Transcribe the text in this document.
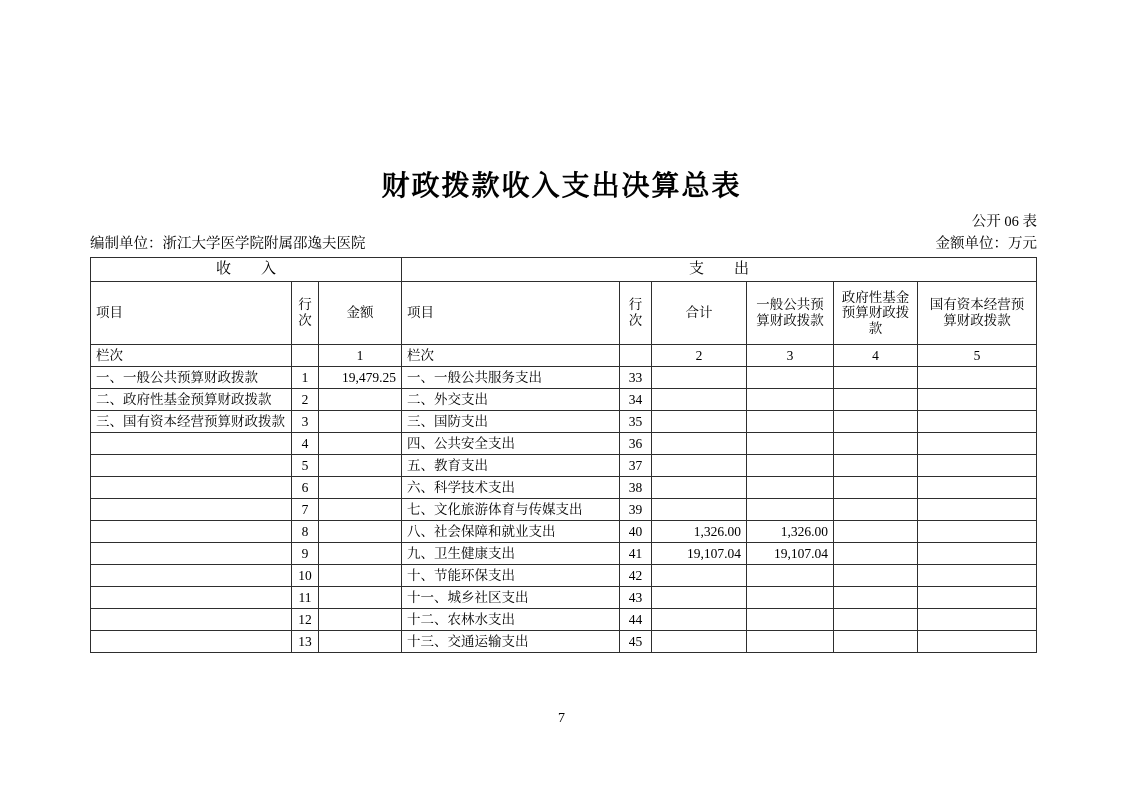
财政拨款收入支出决算总表
公开 06 表
编制单位：浙江大学医学院附属邵逸夫医院	金额单位：万元
收　　入			支　　出					
项目	行次	金额	项目	行次	合计	一般公共预算财政拨款	政府性基金预算财政拨款	国有资本经营预算财政拨款
栏次		1	栏次		2	3	4	5
一、一般公共预算财政拨款	1	19,479.25	一、一般公共服务支出	33				
二、政府性基金预算财政拨款	2		二、外交支出	34				
三、国有资本经营预算财政拨款	3		三、国防支出	35				
	4		四、公共安全支出	36				
	5		五、教育支出	37				
	6		六、科学技术支出	38				
	7		七、文化旅游体育与传媒支出	39				
	8		八、社会保障和就业支出	40	1,326.00	1,326.00		
	9		九、卫生健康支出	41	19,107.04	19,107.04		
	10		十、节能环保支出	42				
	11		十一、城乡社区支出	43				
	12		十二、农林水支出	44				
	13		十三、交通运输支出	45				
7
